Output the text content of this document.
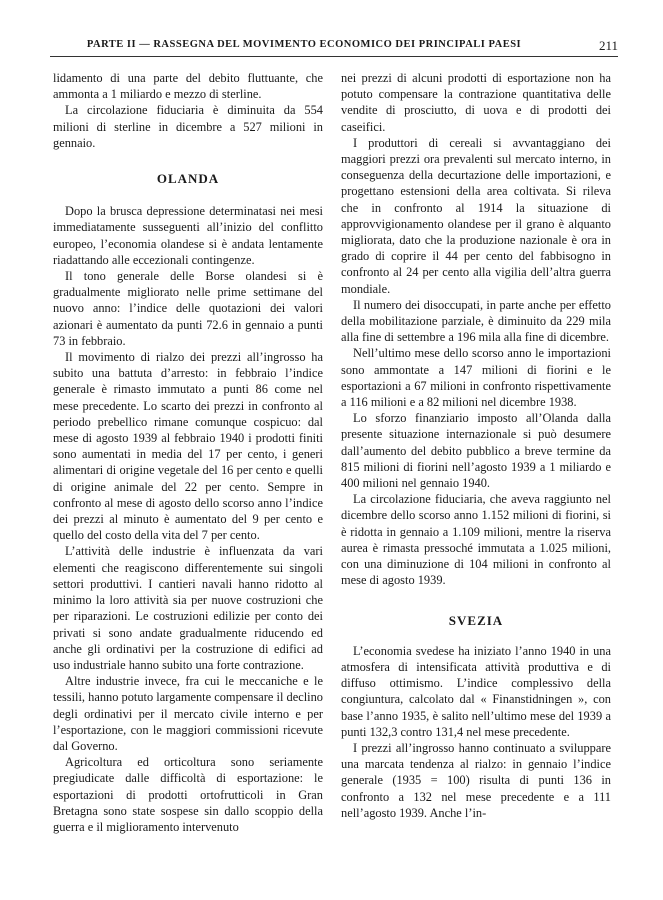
PARTE II — RASSEGNA DEL MOVIMENTO ECONOMICO DEI PRINCIPALI PAESI	211

lidamento di una parte del debito fluttuante, che ammonta a 1 miliardo e mezzo di sterline.

La circolazione fiduciaria è diminuita da 554 milioni di sterline in dicembre a 527 milioni in gennaio.

OLANDA

Dopo la brusca depressione determinatasi nei mesi immediatamente susseguenti all’inizio del conflitto europeo, l’economia olandese si è andata lentamente riadattando alle eccezionali contingenze.

Il tono generale delle Borse olandesi si è gradualmente migliorato nelle prime settimane del nuovo anno: l’indice delle quotazioni dei valori azionari è aumentato da punti 72.6 in gennaio a punti 73 in febbraio.

Il movimento di rialzo dei prezzi all’ingrosso ha subito una battuta d’arresto: in febbraio l’indice generale è rimasto immutato a punti 86 come nel mese precedente. Lo scarto dei prezzi in confronto al periodo prebellico rimane comunque cospicuo: dal mese di agosto 1939 al febbraio 1940 i prodotti finiti sono aumentati in media del 17 per cento, i generi alimentari di origine vegetale del 16 per cento e quelli di origine animale del 22 per cento. Sempre in confronto al mese di agosto dello scorso anno l’indice dei prezzi al minuto è aumentato del 9 per cento e quello del costo della vita del 7 per cento.

L’attività delle industrie è influenzata da vari elementi che reagiscono differentemente sui singoli settori produttivi. I cantieri navali hanno ridotto al minimo la loro attività sia per nuove costruzioni che per riparazioni. Le costruzioni edilizie per conto dei privati si sono andate gradualmente riducendo ed anche gli ordinativi per la costruzione di edifici ad uso industriale hanno subito una forte contrazione.

Altre industrie invece, fra cui le meccaniche e le tessili, hanno potuto largamente compensare il declino degli ordinativi per il mercato civile interno e per l’esportazione, con le maggiori commissioni ricevute dal Governo.

Agricoltura ed orticoltura sono seriamente pregiudicate dalle difficoltà di esportazione: le esportazioni di prodotti ortofrutticoli in Gran Bretagna sono state sospese sin dallo scoppio della guerra e il miglioramento intervenuto

nei prezzi di alcuni prodotti di esportazione non ha potuto compensare la contrazione quantitativa delle vendite di prosciutto, di uova e di prodotti dei caseifici.

I produttori di cereali si avvantaggiano dei maggiori prezzi ora prevalenti sul mercato interno, in conseguenza della decurtazione delle importazioni, e progettano estensioni della area coltivata. Si rileva che in confronto al 1914 la situazione di approvvigionamento olandese per il grano è alquanto migliorata, dato che la produzione nazionale è ora in grado di coprire il 44 per cento del fabbisogno in confronto al 24 per cento alla vigilia dell’altra guerra mondiale.

Il numero dei disoccupati, in parte anche per effetto della mobilitazione parziale, è diminuito da 229 mila alla fine di settembre a 196 mila alla fine di dicembre.

Nell’ultimo mese dello scorso anno le importazioni sono ammontate a 147 milioni di fiorini e le esportazioni a 67 milioni in confronto rispettivamente a 116 milioni e a 82 milioni nel dicembre 1938.

Lo sforzo finanziario imposto all’Olanda dalla presente situazione internazionale si può desumere dall’aumento del debito pubblico a breve termine da 815 milioni di fiorini nell’agosto 1939 a 1 miliardo e 400 milioni nel gennaio 1940.

La circolazione fiduciaria, che aveva raggiunto nel dicembre dello scorso anno 1.152 milioni di fiorini, si è ridotta in gennaio a 1.109 milioni, mentre la riserva aurea è rimasta pressoché immutata a 1.025 milioni, con una diminuzione di 104 milioni in confronto al mese di agosto 1939.

SVEZIA

L’economia svedese ha iniziato l’anno 1940 in una atmosfera di intensificata attività produttiva e di diffuso ottimismo. L’indice complessivo della congiuntura, calcolato dal « Finanstidningen », con base l’anno 1935, è salito nell’ultimo mese del 1939 a punti 132,3 contro 131,4 nel mese precedente.

I prezzi all’ingrosso hanno continuato a sviluppare una marcata tendenza al rialzo: in gennaio l’indice generale (1935 = 100) risulta di punti 136 in confronto a 132 nel mese precedente e a 111 nell’agosto 1939. Anche l’in-
